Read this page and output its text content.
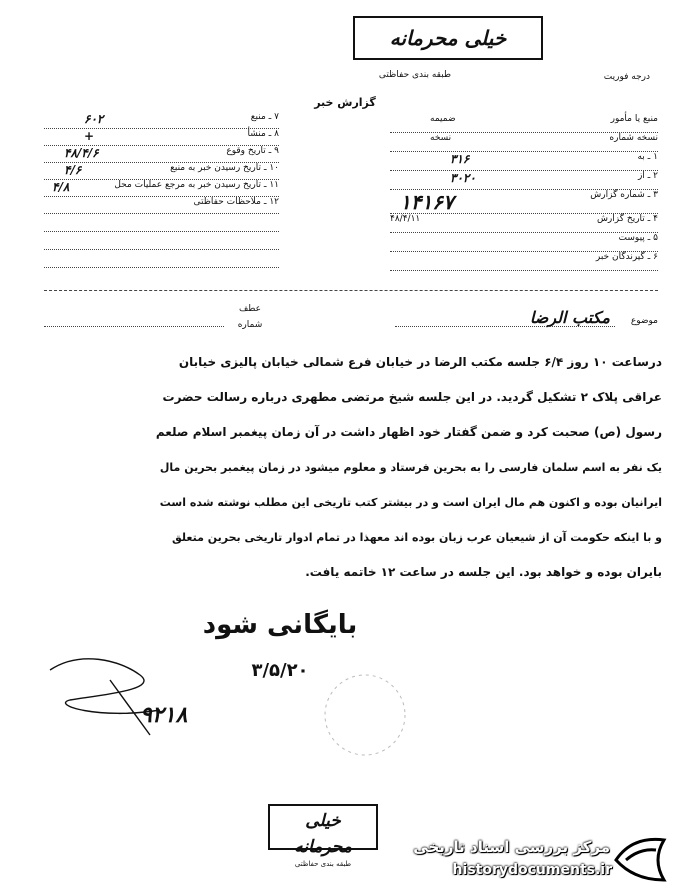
خیلی محرمانه
طبقه بندی حفاظتی	درجه فوریت
گزارش خبر
منبع یا مأمور
ضمیمه
نسخه شماره
نسخه
۱ ـ به
۳۱۶
۲ ـ از
۳۰۲۰
۳ ـ شماره گزارش
۱۴۱۶۷
۴ ـ تاریخ گزارش
۴۸/۴/۱۱
۵ ـ پیوست
۶ ـ گیرندگان خبر
۷ ـ منبع
۶۰۲
۸ ـ منشأ
+
۹ ـ تاریخ وقوع
۴۸/۴/۶
۱۰ ـ تاریخ رسیدن خبر به منبع
۴/۶
۱۱ ـ تاریخ رسیدن خبر به مرجع عملیات محل
۴/۸
۱۲ ـ ملاحظات حفاظتی
موضوع
مکتب الرضا
عطف
شماره
درساعت ۱۰ روز ۶/۴ جلسه مکتب الرضا در خیابان فرع شمالی خیابان پالیزی خیابان
عراقی پلاک ۲ تشکیل گردید. در این جلسه شیخ مرتضی مطهری درباره رسالت حضرت
رسول (ص) صحبت کرد و ضمن گفتار خود اظهار داشت در آن زمان پیغمبر اسلام صلعم
یک نفر به اسم سلمان فارسی را به بحرین فرستاد و معلوم میشود در زمان پیغمبر بحرین مال
ایرانیان بوده و اکنون هم مال ایران است و در بیشتر کتب تاریخی این مطلب نوشته شده است
و با اینکه حکومت آن از شیعیان عرب زبان بوده اند معهذا در تمام ادوار تاریخی بحرین متعلق
بایران بوده و خواهد بود. این جلسه در ساعت ۱۲ خاتمه یافت.
بایگانی شود
۳/۵/۲۰
۹۲۱۸
خیلی محرمانه
طبقه بندی حفاظتی
مرکز بررسی اسناد تاریخی
historydocuments.ir
